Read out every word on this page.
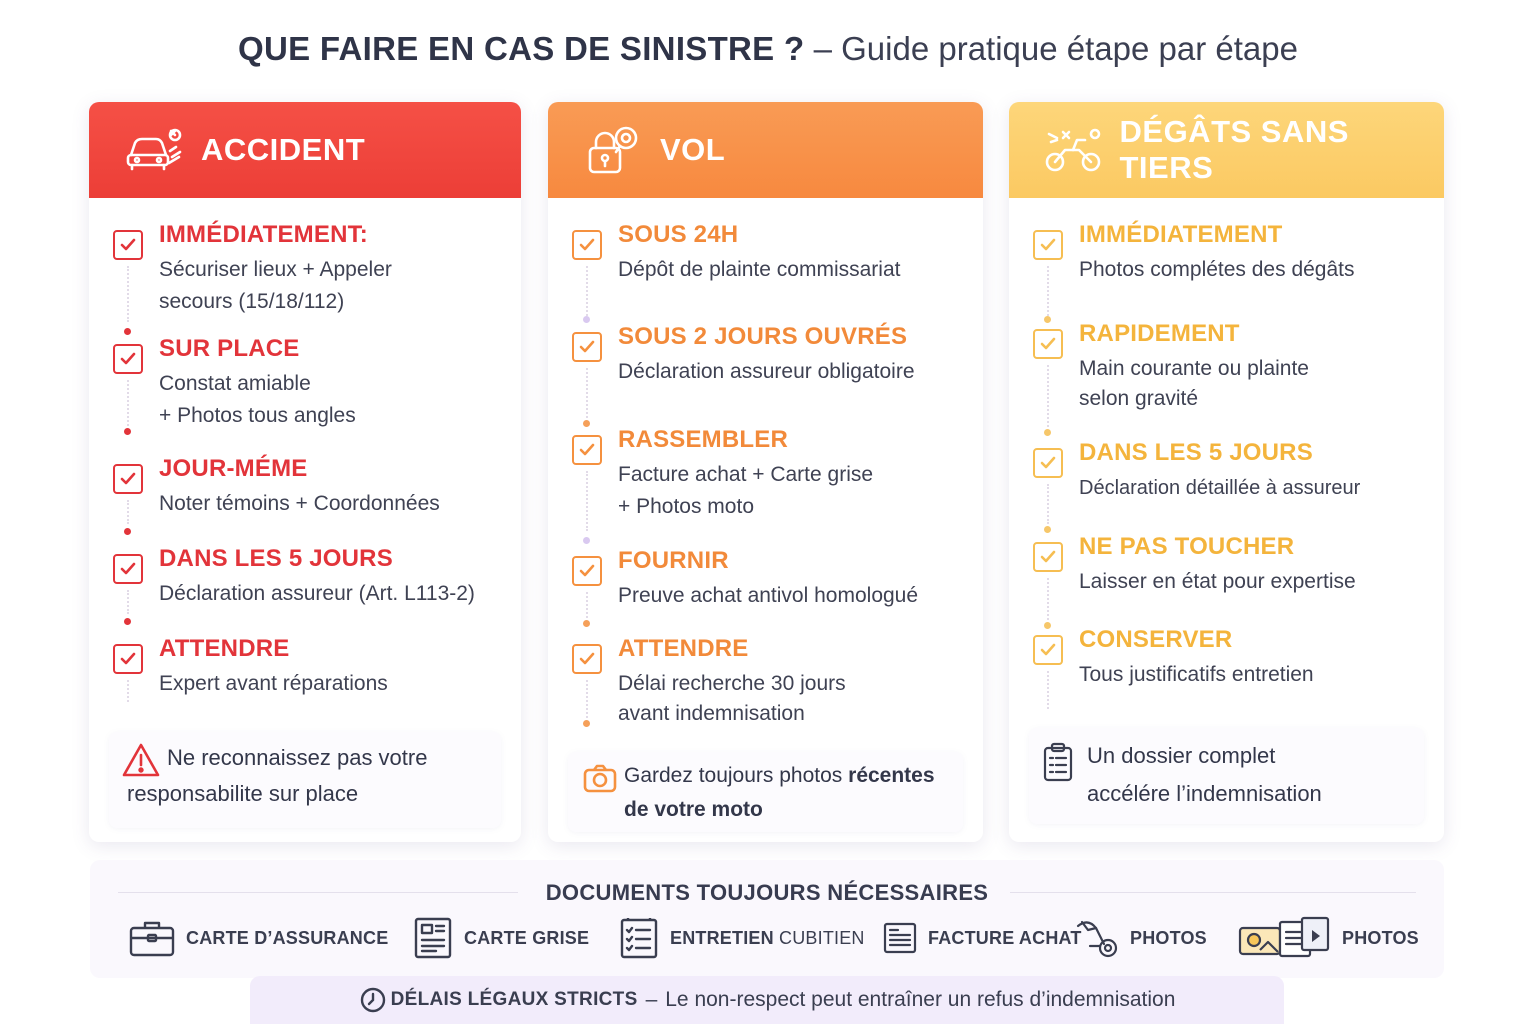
QUE FAIRE EN CAS DE SINISTRE ? – Guide pratique étape par étape
ACCIDENT
IMMÉDIATEMENT:
Sécuriser lieux + Appeler
secours (15/18/112)
SUR PLACE
Constat amiable
+ Photos tous angles
JOUR-MÉME
Noter témoins + Coordonnées
DANS LES 5 JOURS
Déclaration assureur (Art. L113-2)
ATTENDRE
Expert avant réparations
Ne reconnaissez pas votre
responsabilite sur place
VOL
SOUS 24H
Dépôt de plainte commissariat
SOUS 2 JOURS OUVRÉS
Déclaration assureur obligatoire
RASSEMBLER
Facture achat + Carte grise
+ Photos moto
FOURNIR
Preuve achat antivol homologué
ATTENDRE
Délai recherche 30 jours
avant indemnisation
Gardez toujours photos récentes
de votre moto
DÉGÂTS SANS TIERS
IMMÉDIATEMENT
Photos complétes des dégâts
RAPIDEMENT
Main courante ou plainte
selon gravité
DANS LES 5 JOURS
Déclaration détaillée à assureur
NE PAS TOUCHER
Laisser en état pour expertise
CONSERVER
Tous justificatifs entretien
Un dossier complet
accélére l’indemnisation
DOCUMENTS TOUJOURS NÉCESSAIRES
CARTE D’ASSURANCE	CARTE GRISE	ENTRETIEN CUBITIEN	FACTURE ACHAT	PHOTOS	PHOTOS
DÉLAIS LÉGAUX STRICTS – Le non-respect peut entraîner un refus d’indemnisation
